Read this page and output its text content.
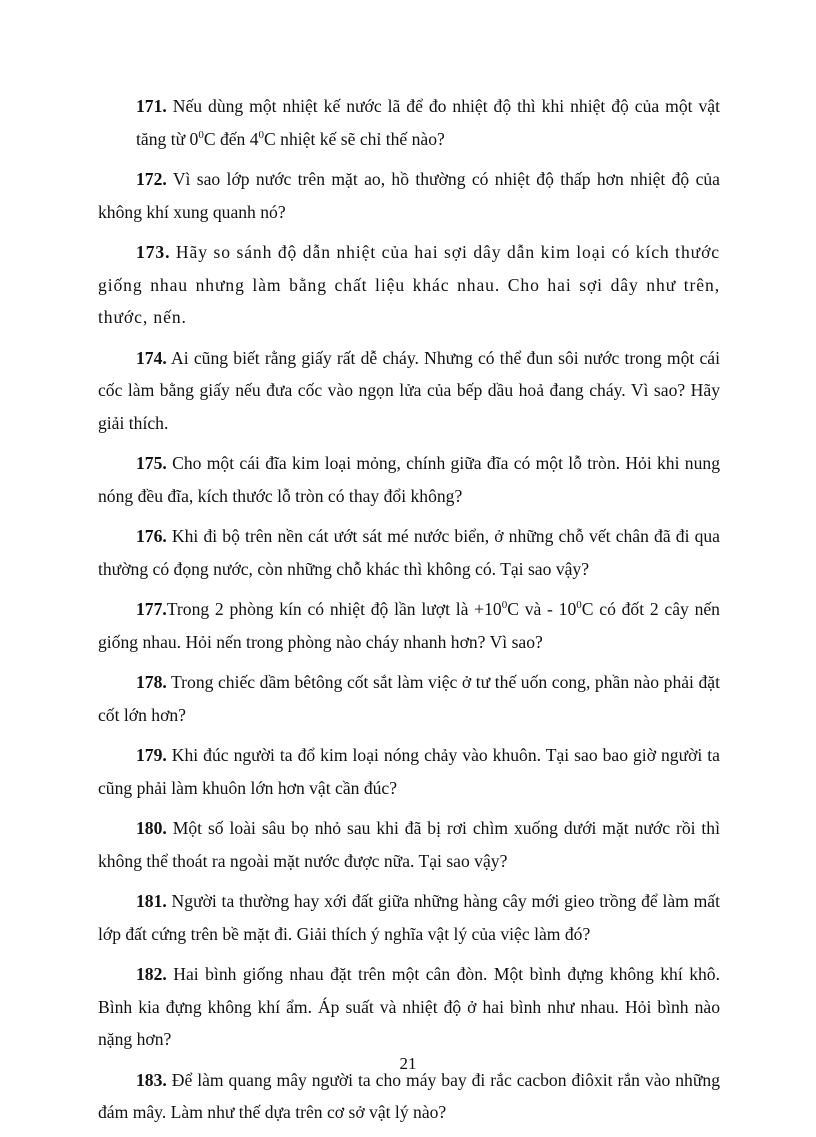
171. Nếu dùng một nhiệt kế nước lã để đo nhiệt độ thì khi nhiệt độ của một vật tăng từ $0^0C$ đến $4^0C$ nhiệt kế sẽ chỉ thế nào?

172. Vì sao lớp nước trên mặt ao, hồ thường có nhiệt độ thấp hơn nhiệt độ của không khí xung quanh nó?

173. Hãy so sánh độ dẫn nhiệt của hai sợi dây dẫn kim loại có kích thước giống nhau nhưng làm bằng chất liệu khác nhau. Cho hai sợi dây như trên, thước, nến.

174. Ai cũng biết rằng giấy rất dễ cháy. Nhưng có thể đun sôi nước trong một cái cốc làm bằng giấy nếu đưa cốc vào ngọn lửa của bếp dầu hoả đang cháy. Vì sao? Hãy giải thích.

175. Cho một cái đĩa kim loại mỏng, chính giữa đĩa có một lỗ tròn. Hỏi khi nung nóng đều đĩa, kích thước lỗ tròn có thay đổi không?

176. Khi đi bộ trên nền cát ướt sát mé nước biển, ở những chỗ vết chân đã đi qua thường có đọng nước, còn những chỗ khác thì không có. Tại sao vậy?

177.Trong 2 phòng kín có nhiệt độ lần lượt là $+10^0C$ và - $10^0C$ có đốt 2 cây nến giống nhau. Hỏi nến trong phòng nào cháy nhanh hơn? Vì sao?

178. Trong chiếc dầm bêtông cốt sắt làm việc ở tư thế uốn cong, phần nào phải đặt cốt lớn hơn?

179. Khi đúc người ta đổ kim loại nóng chảy vào khuôn. Tại sao bao giờ người ta cũng phải làm khuôn lớn hơn vật cần đúc?

180. Một số loài sâu bọ nhỏ sau khi đã bị rơi chìm xuống dưới mặt nước rồi thì không thể thoát ra ngoài mặt nước được nữa. Tại sao vậy?

181. Người ta thường hay xới đất giữa những hàng cây mới gieo trồng để làm mất lớp đất cứng trên bề mặt đi. Giải thích ý nghĩa vật lý của việc làm đó?

182. Hai bình giống nhau đặt trên một cân đòn. Một bình đựng không khí khô. Bình kia đựng không khí ẩm. Áp suất và nhiệt độ ở hai bình như nhau. Hỏi bình nào nặng hơn?

183. Để làm quang mây người ta cho máy bay đi rắc cacbon điôxit rắn vào những đám mây. Làm như thế dựa trên cơ sở vật lý nào?

21
